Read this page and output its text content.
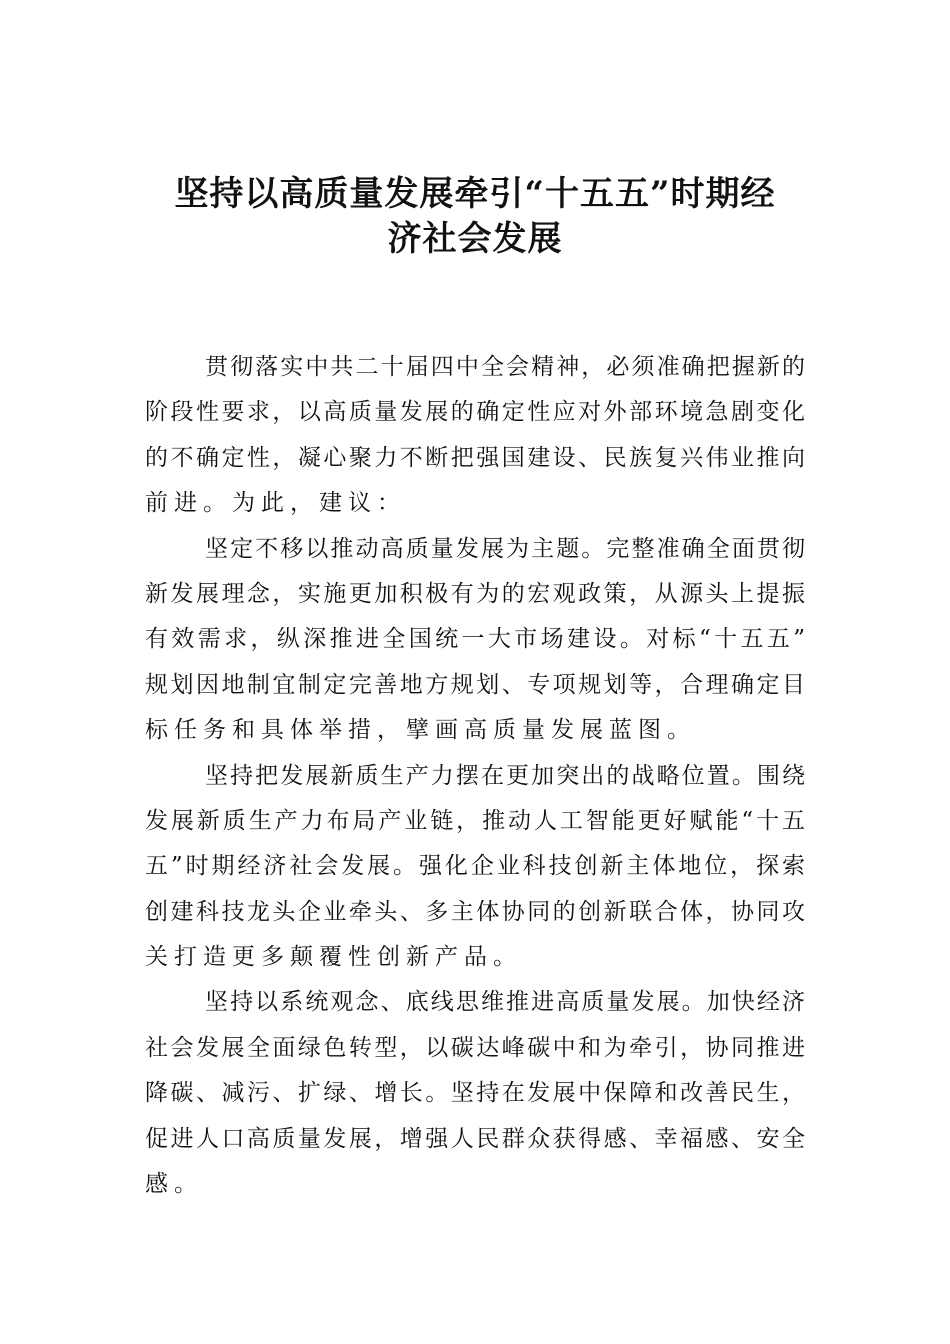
坚持以高质量发展牵引“十五五”时期经
济社会发展
贯彻落实中共二十届四中全会精神，必须准确把握新的
阶段性要求，以高质量发展的确定性应对外部环境急剧变化
的不确定性，凝心聚力不断把强国建设、民族复兴伟业推向
前进。为此，建议：
坚定不移以推动高质量发展为主题。完整准确全面贯彻
新发展理念，实施更加积极有为的宏观政策，从源头上提振
有效需求，纵深推进全国统一大市场建设。对标“十五五”
规划因地制宜制定完善地方规划、专项规划等，合理确定目
标任务和具体举措，擘画高质量发展蓝图。
坚持把发展新质生产力摆在更加突出的战略位置。围绕
发展新质生产力布局产业链，推动人工智能更好赋能“十五
五”时期经济社会发展。强化企业科技创新主体地位，探索
创建科技龙头企业牵头、多主体协同的创新联合体，协同攻
关打造更多颠覆性创新产品。
坚持以系统观念、底线思维推进高质量发展。加快经济
社会发展全面绿色转型，以碳达峰碳中和为牵引，协同推进
降碳、减污、扩绿、增长。坚持在发展中保障和改善民生，
促进人口高质量发展，增强人民群众获得感、幸福感、安全
感。
